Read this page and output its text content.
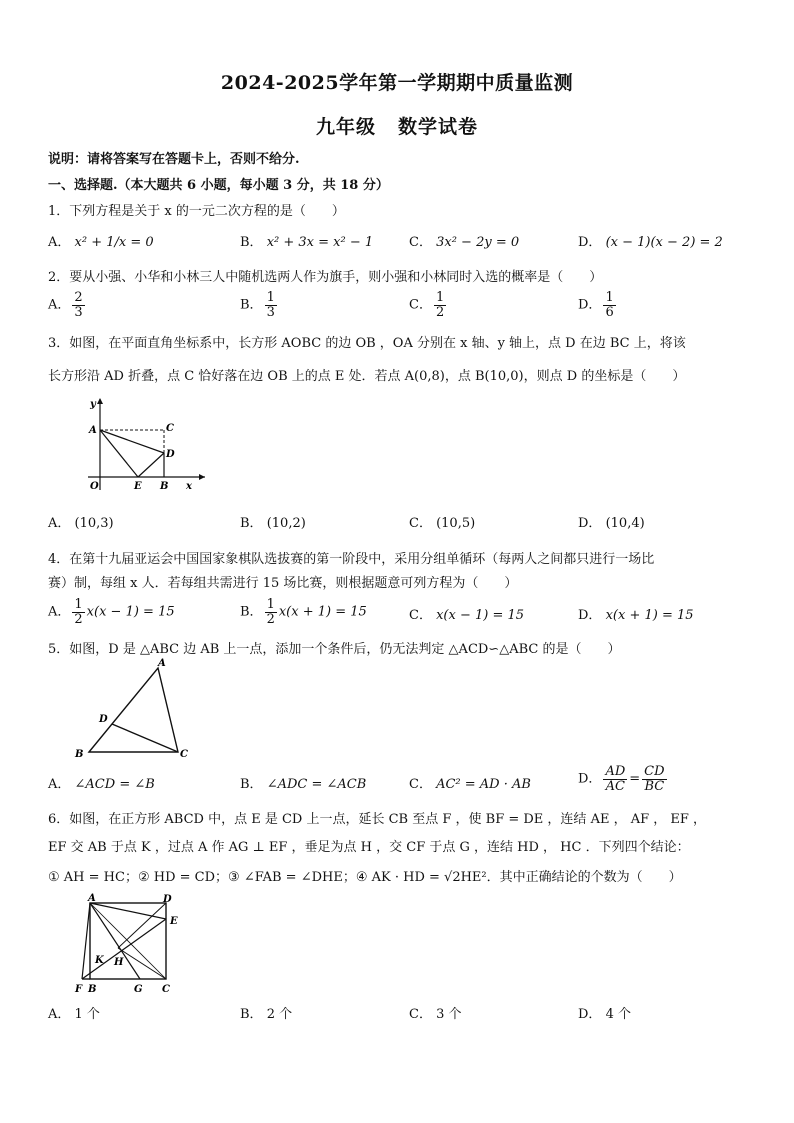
2024-2025学年第一学期期中质量监测
九年级 数学试卷
说明：请将答案写在答题卡上，否则不给分.
一、选择题.（本大题共 6 小题，每小题 3 分，共 18 分）
1．下列方程是关于 x 的一元二次方程的是（　　）
A． x² + 1/x = 0	B． x² + 3x = x² − 1	C． 3x² − 2y = 0	D． (x − 1)(x − 2) = 2
2．要从小强、小华和小林三人中随机选两人作为旗手，则小强和小林同时入选的概率是（　　）
A． $\frac{2}{3}$	B． $\frac{1}{3}$	C． $\frac{1}{2}$	D． $\frac{1}{6}$
3．如图，在平面直角坐标系中，长方形 AOBC 的边 OB ，OA 分别在 x 轴、y 轴上，点 D 在边 BC 上，将该
长方形沿 AD 折叠，点 C 恰好落在边 OB 上的点 E 处．若点 A(0,8)，点 B(10,0)，则点 D 的坐标是（　　）
y
A	C
D
O	E B x
A． (10,3)	B． (10,2)	C． (10,5)	D． (10,4)
4．在第十九届亚运会中国国家象棋队选拔赛的第一阶段中，采用分组单循环（每两人之间都只进行一场比
赛）制，每组 x 人．若每组共需进行 15 场比赛，则根据题意可列方程为（　　）
A． $\frac{1}{2} x(x - 1) = 15$	B． $\frac{1}{2} x(x + 1) = 15$	C． x(x − 1) = 15	D． x(x + 1) = 15
5．如图，D 是 △ABC 边 AB 上一点，添加一个条件后，仍无法判定 △ACD∽△ABC 的是（　　）
A
D
B	C
A． ∠ACD = ∠B	B． ∠ADC = ∠ACB	C． AC² = AD · AB	D． $\frac{AD}{AC} = \frac{CD}{BC}$
6．如图，在正方形 ABCD 中，点 E 是 CD 上一点，延长 CB 至点 F ，使 BF = DE ，连结 AE ， AF ， EF ，
EF 交 AB 于点 K ，过点 A 作 AG ⊥ EF ，垂足为点 H ，交 CF 于点 G ，连结 HD ， HC ．下列四个结论：
① AH = HC；② HD = CD；③ ∠FAB = ∠DHE；④ AK · HD = √2HE²．其中正确结论的个数为（　　）
A	D
E
K H
F B	G C
A． 1 个	B． 2 个	C． 3 个	D． 4 个
